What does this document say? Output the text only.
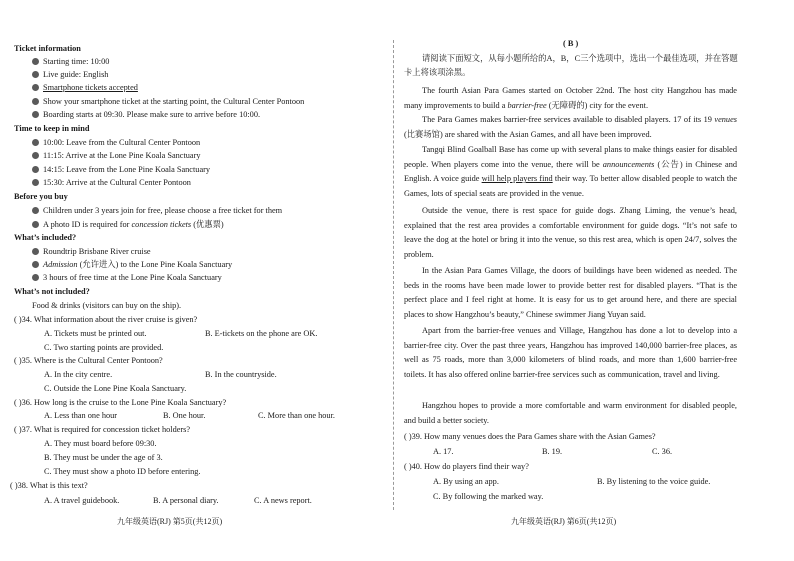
Ticket information
Starting time: 10:00
Live guide: English
Smartphone tickets accepted
Show your smartphone ticket at the starting point, the Cultural Center Pontoon
Boarding starts at 09:30. Please make sure to arrive before 10:00.
Time to keep in mind
10:00: Leave from the Cultural Center Pontoon
11:15: Arrive at the Lone Pine Koala Sanctuary
14:15: Leave from the Lone Pine Koala Sanctuary
15:30: Arrive at the Cultural Center Pontoon
Before you buy
Children under 3 years join for free, please choose a free ticket for them
A photo ID is required for concession tickets (优惠票)
What’s included?
Roundtrip Brisbane River cruise
Admission (允许进入) to the Lone Pine Koala Sanctuary
3 hours of free time at the Lone Pine Koala Sanctuary
What’s not included?
Food & drinks (visitors can buy on the ship).
( )34. What information about the river cruise is given?
A. Tickets must be printed out.	B. E-tickets on the phone are OK.
C. Two starting points are provided.
( )35. Where is the Cultural Center Pontoon?
A. In the city centre.	B. In the countryside.
C. Outside the Lone Pine Koala Sanctuary.
( )36. How long is the cruise to the Lone Pine Koala Sanctuary?
A. Less than one hour	B. One hour.	C. More than one hour.
( )37. What is required for concession ticket holders?
A. They must board before 09:30.
B. They must be under the age of 3.
C. They must show a photo ID before entering.
( )38. What is this text?
A. A travel guidebook.	B. A personal diary.	C. A news report.
九年级英语(RJ) 第5页(共12页)
( B )
请阅读下面短文，从每小题所给的A，B，C三个选项中，选出一个最佳选项，并在答题
卡上将该项涂黑。
The fourth Asian Para Games started on October 22nd. The host city Hangzhou has made many improvements to build a barrier-free (无障碍的) city for the event.
The Para Games makes barrier-free services available to disabled players. 17 of its 19 venues (比赛场馆) are shared with the Asian Games, and all have been improved.
Tangqi Blind Goalball Base has come up with several plans to make things easier for disabled people. When players come into the venue, there will be announcements (公告) in Chinese and English. A voice guide will help players find their way. To better allow disabled people to watch the Games, lots of special seats are provided in the venue.
Outside the venue, there is rest space for guide dogs. Zhang Liming, the venue’s head, explained that the rest area provides a comfortable environment for guide dogs. “It’s not safe to leave the dog at the hotel or bring it into the venue, so this rest area, which is open 24/7, solves the problem.
In the Asian Para Games Village, the doors of buildings have been widened as needed. The beds in the rooms have been made lower to provide better rest for disabled players. “That is the perfect place and I feel right at home. It is easy for us to get around here, and there are special places to show Hangzhou’s beauty,” Chinese swimmer Jiang Yuyan said.
Apart from the barrier-free venues and Village, Hangzhou has done a lot to develop into a barrier-free city. Over the past three years, Hangzhou has improved 140,000 barrier-free places, as well as 75 roads, more than 3,000 kilometers of blind roads, and more than 1,600 barrier-free toilets. It has also offered online barrier-free services such as communication, travel and living.
Hangzhou hopes to provide a more comfortable and warm environment for disabled people, and build a better society.
( )39. How many venues does the Para Games share with the Asian Games?
A. 17.	B. 19.	C. 36.
( )40. How do players find their way?
A. By using an app.	B. By listening to the voice guide.
C. By following the marked way.
九年级英语(RJ) 第6页(共12页)
